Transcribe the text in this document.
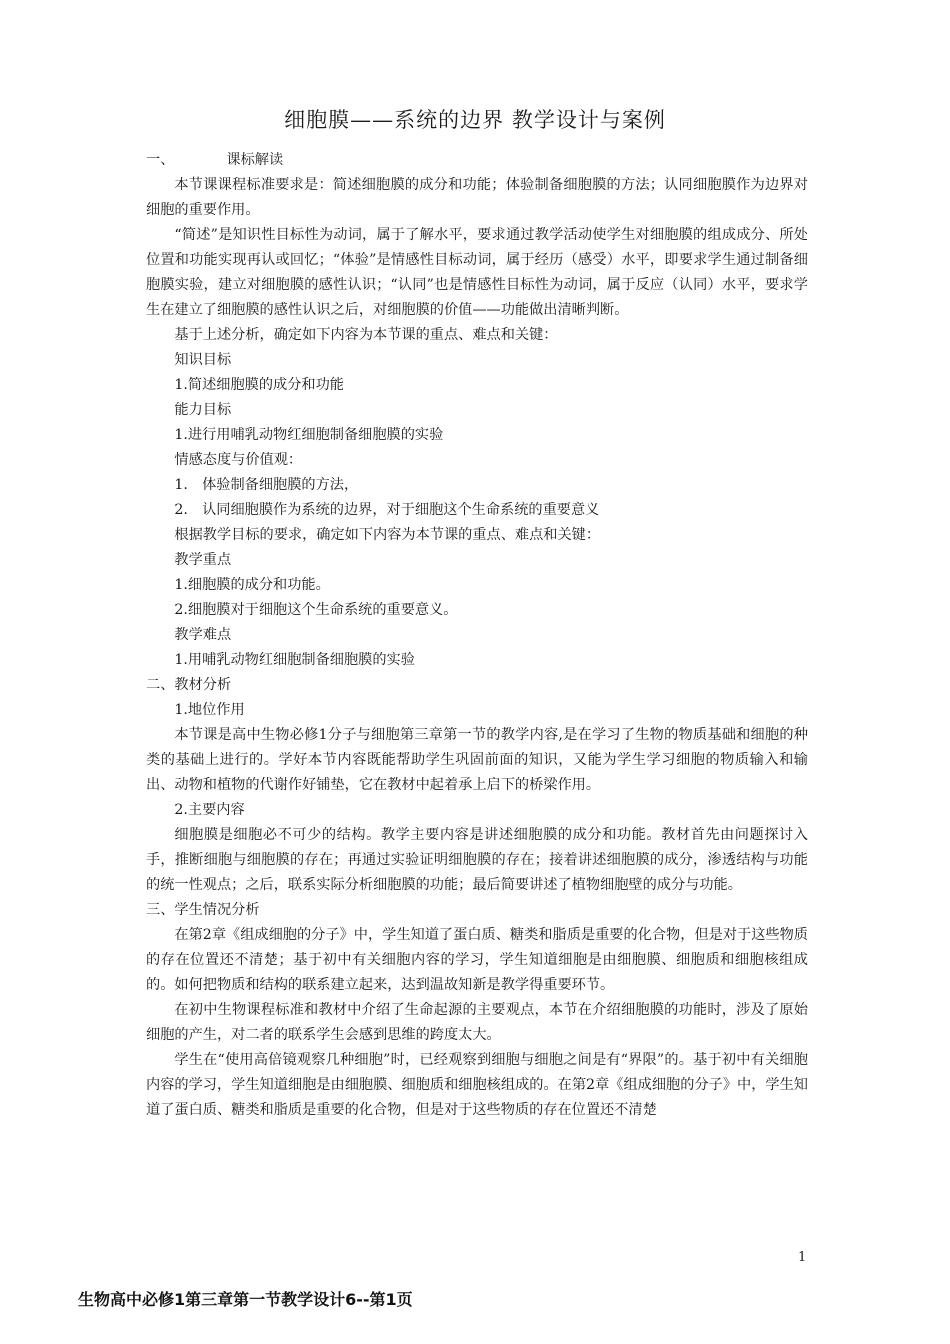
细胞膜——系统的边界 教学设计与案例

一、	课标解读

本节课课程标准要求是：简述细胞膜的成分和功能；体验制备细胞膜的方法；认同细胞膜作为边界对细胞的重要作用。

“简述”是知识性目标性为动词，属于了解水平，要求通过教学活动使学生对细胞膜的组成成分、所处位置和功能实现再认或回忆；“体验”是情感性目标动词，属于经历（感受）水平，即要求学生通过制备细胞膜实验，建立对细胞膜的感性认识；“认同”也是情感性目标性为动词，属于反应（认同）水平，要求学生在建立了细胞膜的感性认识之后，对细胞膜的价值——功能做出清晰判断。

基于上述分析，确定如下内容为本节课的重点、难点和关键：

知识目标

1.简述细胞膜的成分和功能

能力目标

1.进行用哺乳动物红细胞制备细胞膜的实验

情感态度与价值观：

1.　体验制备细胞膜的方法，

2.　认同细胞膜作为系统的边界，对于细胞这个生命系统的重要意义

根据教学目标的要求，确定如下内容为本节课的重点、难点和关键：

教学重点

1.细胞膜的成分和功能。

2.细胞膜对于细胞这个生命系统的重要意义。

教学难点

1.用哺乳动物红细胞制备细胞膜的实验

二、教材分析

1.地位作用

本节课是高中生物必修1分子与细胞第三章第一节的教学内容,是在学习了生物的物质基础和细胞的种类的基础上进行的。学好本节内容既能帮助学生巩固前面的知识，又能为学生学习细胞的物质输入和输出、动物和植物的代谢作好铺垫，它在教材中起着承上启下的桥梁作用。

2.主要内容

细胞膜是细胞必不可少的结构。教学主要内容是讲述细胞膜的成分和功能。教材首先由问题探讨入手，推断细胞与细胞膜的存在；再通过实验证明细胞膜的存在；接着讲述细胞膜的成分，渗透结构与功能的统一性观点；之后，联系实际分析细胞膜的功能；最后简要讲述了植物细胞壁的成分与功能。

三、学生情况分析

在第2章《组成细胞的分子》中，学生知道了蛋白质、糖类和脂质是重要的化合物，但是对于这些物质的存在位置还不清楚；基于初中有关细胞内容的学习，学生知道细胞是由细胞膜、细胞质和细胞核组成的。如何把物质和结构的联系建立起来，达到温故知新是教学得重要环节。

在初中生物课程标准和教材中介绍了生命起源的主要观点，本节在介绍细胞膜的功能时，涉及了原始细胞的产生，对二者的联系学生会感到思维的跨度太大。

学生在“使用高倍镜观察几种细胞”时，已经观察到细胞与细胞之间是有“界限”的。基于初中有关细胞内容的学习，学生知道细胞是由细胞膜、细胞质和细胞核组成的。在第2章《组成细胞的分子》中，学生知道了蛋白质、糖类和脂质是重要的化合物，但是对于这些物质的存在位置还不清楚

1
生物高中必修1第三章第一节教学设计6--第1页
